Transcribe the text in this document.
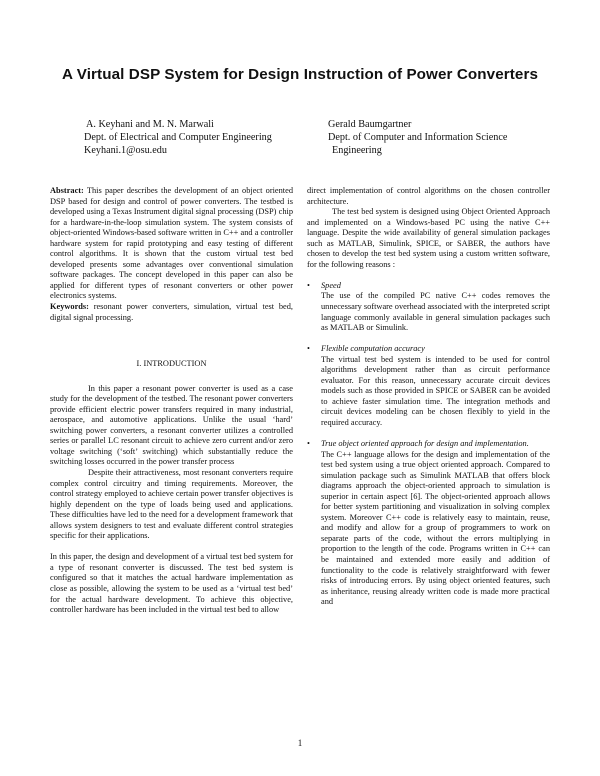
A Virtual DSP System for Design Instruction of Power Converters
A. Keyhani and M. N. Marwali
Dept. of Electrical and Computer Engineering
Keyhani.1@osu.edu
Gerald Baumgartner
Dept. of Computer and Information Science
Engineering

Abstract: This paper describes the development of an object oriented DSP based for design and control of power converters. The testbed is developed using a Texas Instrument digital signal processing (DSP) chip for a hardware-in-the-loop simulation system. The system consists of object-oriented Windows-based software written in C++ and a controller hardware system for rapid prototyping and easy testing of different control algorithms. It is shown that the custom virtual test bed developed presents some advantages over conventional simulation software packages. The concept developed in this paper can also be applied for different types of resonant converters or other power electronics systems.

Keywords: resonant power converters, simulation, virtual test bed, digital signal processing.

I. INTRODUCTION

In this paper a resonant power converter is used as a case study for the development of the testbed. The resonant power converters provide efficient electric power transfers required in many industrial, aerospace, and automotive applications. Unlike the usual ‘hard’ switching power converters, a resonant converter utilizes a controlled series or parallel LC resonant circuit to achieve zero current and/or zero voltage switching (‘soft’ switching) which substantially reduce the switching losses occurred in the power transfer process

Despite their attractiveness, most resonant converters require complex control circuitry and timing requirements. Moreover, the control strategy employed to achieve certain power transfer objectives is highly dependent on the type of loads being used and applications. These difficulties have led to the need for a development framework that allows system designers to test and evaluate different control strategies specific for their applications.

In this paper, the design and development of a virtual test bed system for a type of resonant converter is discussed. The test bed system is configured so that it matches the actual hardware implementation as close as possible, allowing the system to be used as a ‘virtual test bed’ for the actual hardware development. To achieve this objective, controller hardware has been included in the virtual test bed to allow

direct implementation of control algorithms on the chosen controller architecture.

The test bed system is designed using Object Oriented Approach and implemented on a Windows-based PC using the native C++ language. Despite the wide availability of general simulation packages such as MATLAB, Simulink, SPICE, or SABER, the authors have chosen to develop the test bed system using a custom written software, for the following reasons :

• Speed

The use of the compiled PC native C++ codes removes the unnecessary software overhead associated with the interpreted script language commonly available in general simulation packages such as MATLAB or Simulink.

• Flexible computation accuracy

The virtual test bed system is intended to be used for control algorithms development rather than as circuit performance evaluator. For this reason, unnecessary accurate circuit devices models such as those provided in SPICE or SABER can be avoided to achieve faster simulation time. The integration methods and circuit devices modeling can be chosen flexibly to yield in the required accuracy.

• True object oriented approach for design and implementation.

The C++ language allows for the design and implementation of the test bed system using a true object oriented approach. Compared to simulation package such as Simulink MATLAB that offers block diagrams approach the object-oriented approach to simulation is superior in certain aspect [6]. The object-oriented approach allows for better system partitioning and visualization in solving complex system. Moreover C++ code is relatively easy to maintain, reuse, and modify and allow for a group of programmers to work on separate parts of the code, without the errors multiplying in proportion to the length of the code. Programs written in C++ can be maintained and extended more easily and addition of functionality to the code is relatively straightforward with fewer risks of introducing errors. By using object oriented features, such as inheritance, reusing already written code is made more practical and

1
